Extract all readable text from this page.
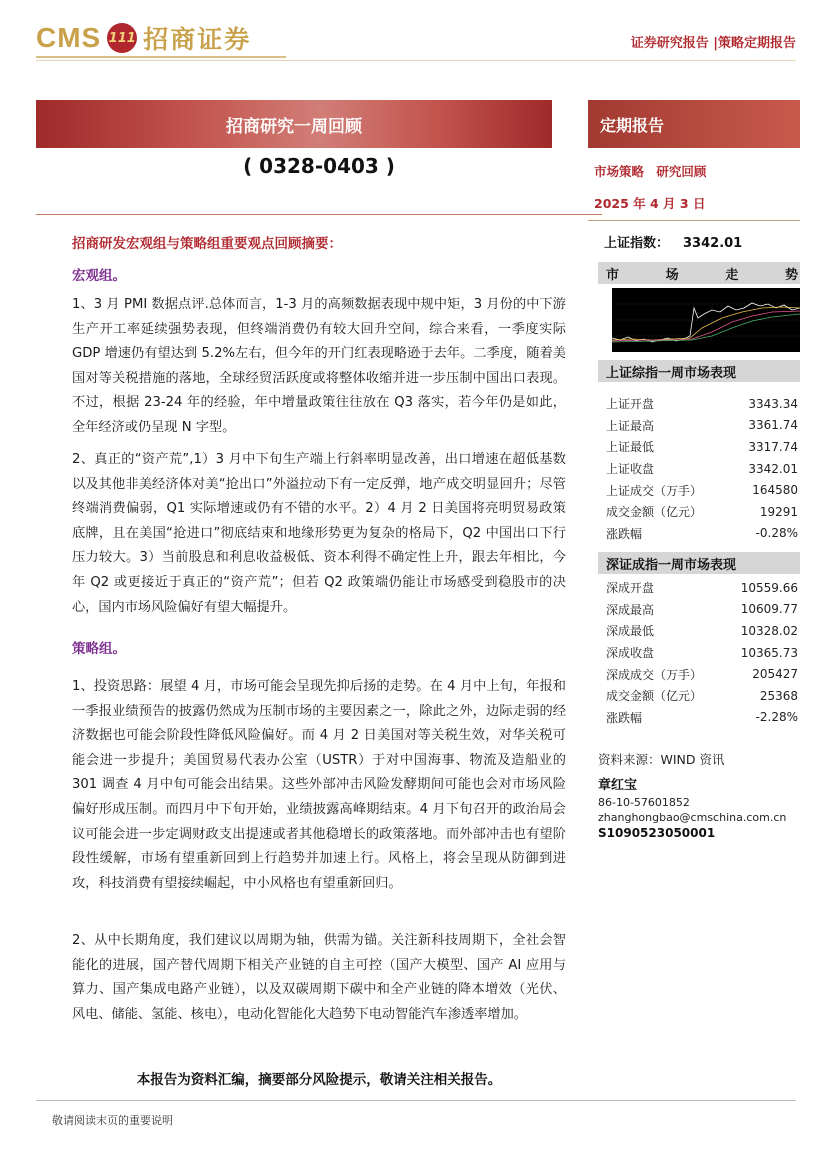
CMS 111 招商证券	证券研究报告 |策略定期报告
招商研究一周回顾
( 0328-0403 )
招商研发宏观组与策略组重要观点回顾摘要：
宏观组。

1、3 月 PMI 数据点评.总体而言，1-3 月的高频数据表现中规中矩，3 月份的中下游生产开工率延续强势表现，但终端消费仍有较大回升空间，综合来看，一季度实际 GDP 增速仍有望达到 5.2%左右，但今年的开门红表现略逊于去年。二季度，随着美国对等关税措施的落地，全球经贸活跃度或将整体收缩并进一步压制中国出口表现。不过，根据 23-24 年的经验，年中增量政策往往放在 Q3 落实，若今年仍是如此，全年经济或仍呈现 N 字型。

2、真正的“资产荒”,1）3 月中下旬生产端上行斜率明显改善，出口增速在超低基数以及其他非美经济体对美“抢出口”外溢拉动下有一定反弹，地产成交明显回升；尽管终端消费偏弱，Q1 实际增速或仍有不错的水平。2）4 月 2 日美国将亮明贸易政策底牌，且在美国“抢进口”彻底结束和地缘形势更为复杂的格局下，Q2 中国出口下行压力较大。3）当前股息和利息收益极低、资本利得不确定性上升，跟去年相比，今年 Q2 或更接近于真正的“资产荒”；但若 Q2 政策端仍能让市场感受到稳股市的决心，国内市场风险偏好有望大幅提升。

策略组。

1、投资思路：展望 4 月，市场可能会呈现先抑后扬的走势。在 4 月中上旬，年报和一季报业绩预告的披露仍然成为压制市场的主要因素之一，除此之外，边际走弱的经济数据也可能会阶段性降低风险偏好。而 4 月 2 日美国对等关税生效，对华关税可能会进一步提升；美国贸易代表办公室（USTR）于对中国海事、物流及造船业的 301 调查 4 月中旬可能会出结果。这些外部冲击风险发酵期间可能也会对市场风险偏好形成压制。而四月中下旬开始，业绩披露高峰期结束。4 月下旬召开的政治局会议可能会进一步定调财政支出提速或者其他稳增长的政策落地。而外部冲击也有望阶段性缓解，市场有望重新回到上行趋势并加速上行。风格上，将会呈现从防御到进攻，科技消费有望接续崛起，中小风格也有望重新回归。

2、从中长期角度，我们建议以周期为轴，供需为锚。关注新科技周期下，全社会智能化的进展，国产替代周期下相关产业链的自主可控（国产大模型、国产 AI 应用与算力、国产集成电路产业链），以及双碳周期下碳中和全产业链的降本增效（光伏、风电、储能、氢能、核电），电动化智能化大趋势下电动智能汽车渗透率增加。

本报告为资料汇编，摘要部分风险提示，敬请关注相关报告。
定期报告
市场策略 研究回顾
2025 年 4 月 3 日
上证指数： 3342.01
市	场	走	势
上证综指一周市场表现
上证开盘	3343.34
上证最高	3361.74
上证最低	3317.74
上证收盘	3342.01
上证成交（万手）	164580
成交金额（亿元）	19291
涨跌幅	-0.28%
深证成指一周市场表现
深成开盘	10559.66
深成最高	10609.77
深成最低	10328.02
深成收盘	10365.73
深成成交（万手）	205427
成交金额（亿元）	25368
涨跌幅	-2.28%
资料来源：WIND 资讯
章红宝
86-10-57601852
zhanghongbao@cmschina.com.cn
S1090523050001
敬请阅读末页的重要说明
